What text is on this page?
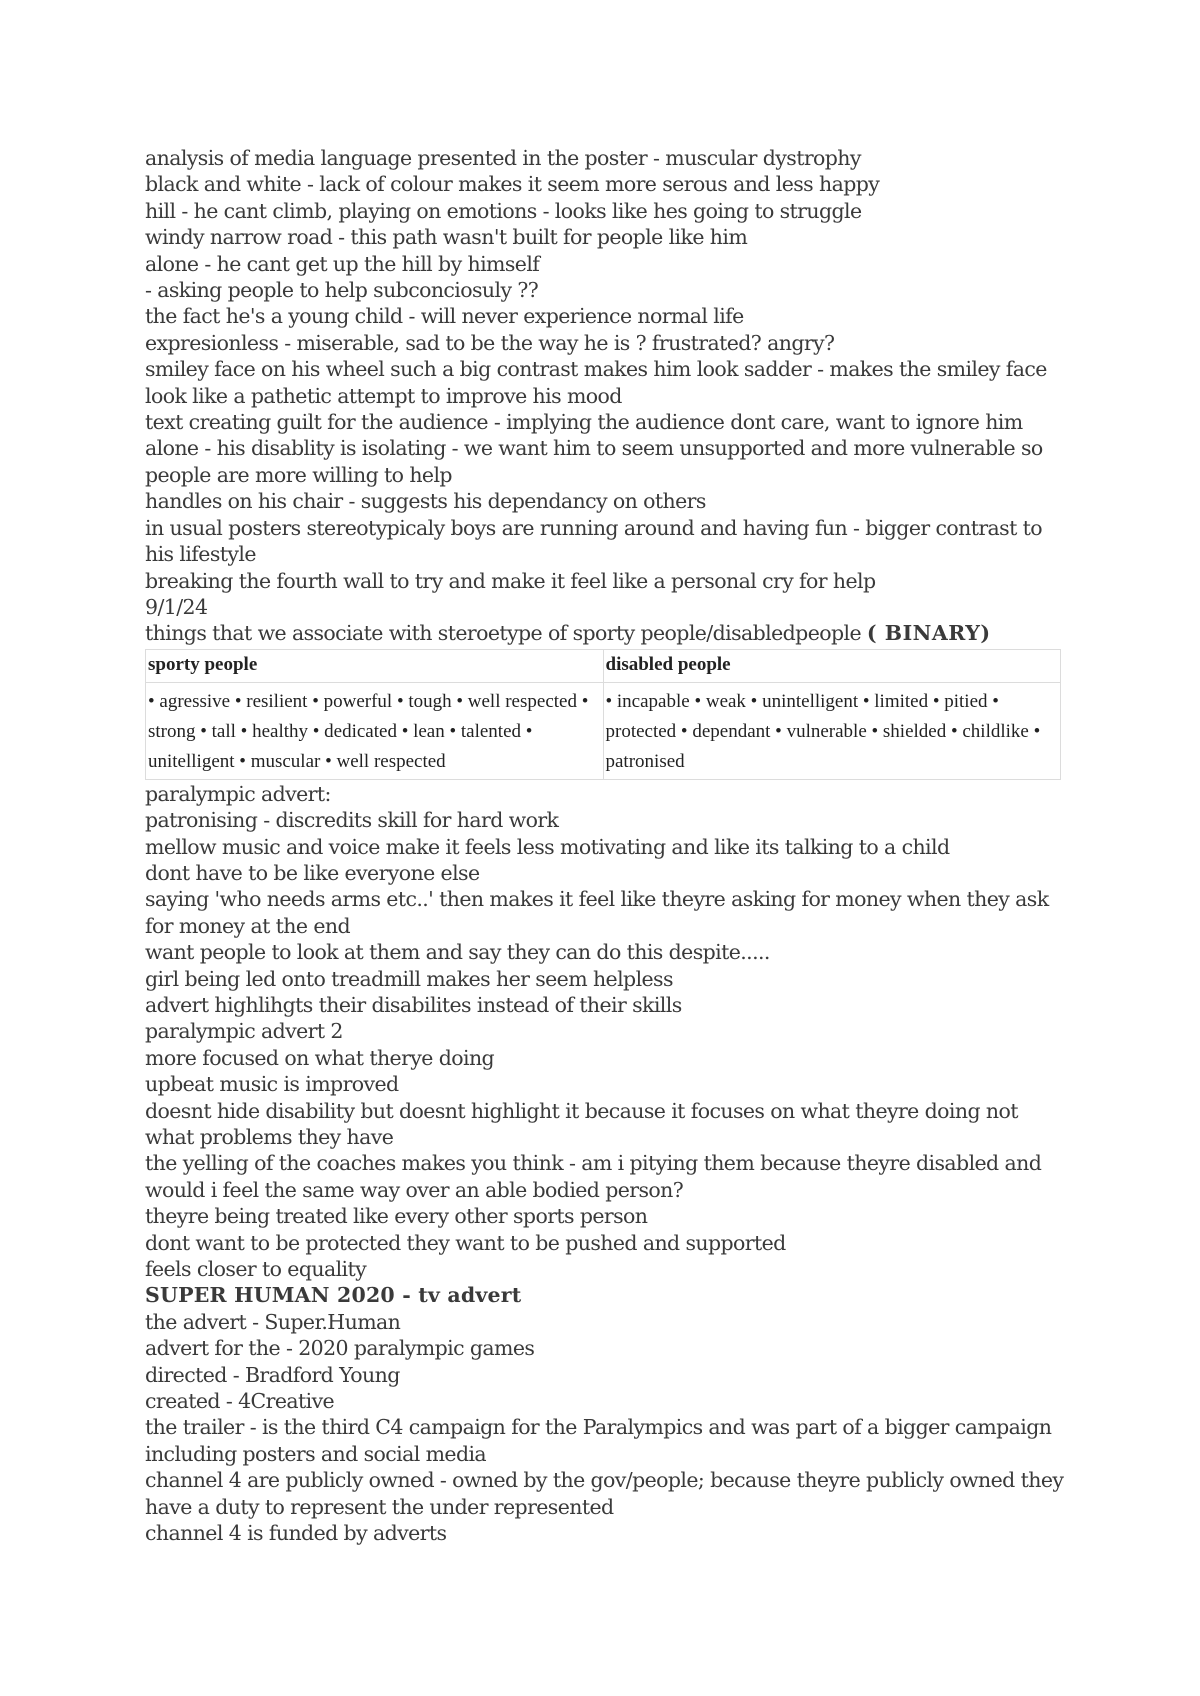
analysis of media language presented in the poster - muscular dystrophy
black and white - lack of colour makes it seem more serous and less happy
hill - he cant climb, playing on emotions - looks like hes going to struggle
windy narrow road - this path wasn't built for people like him
alone - he cant get up the hill by himself
- asking people to help subconciosuly ??
the fact he's a young child - will never experience normal life
expresionless - miserable, sad to be the way he is ? frustrated? angry?
smiley face on his wheel such a big contrast makes him look sadder - makes the smiley face look like a pathetic attempt to improve his mood
text creating guilt for the audience - implying the audience dont care, want to ignore him
alone - his disablity is isolating - we want him to seem unsupported and more vulnerable so people are more willing to help
handles on his chair - suggests his dependancy on others
in usual posters stereotypicaly boys are running around and having fun - bigger contrast to his lifestyle
breaking the fourth wall to try and make it feel like a personal cry for help
9/1/24
things that we associate with steroetype of sporty people/disabledpeople ( BINARY)
sporty people	disabled people
• agressive • resilient • powerful • tough • well respected • strong • tall • healthy • dedicated • lean • talented • unitelligent • muscular • well respected	• incapable • weak • unintelligent • limited • pitied • protected • dependant • vulnerable • shielded • childlike • patronised
paralympic advert:
patronising - discredits skill for hard work
mellow music and voice make it feels less motivating and like its talking to a child
dont have to be like everyone else
saying 'who needs arms etc..' then makes it feel like theyre asking for money when they ask for money at the end
want people to look at them and say they can do this despite.....
girl being led onto treadmill makes her seem helpless
advert highlihgts their disabilites instead of their skills
paralympic advert 2
more focused on what therye doing
upbeat music is improved
doesnt hide disability but doesnt highlight it because it focuses on what theyre doing not what problems they have
the yelling of the coaches makes you think - am i pitying them because theyre disabled and would i feel the same way over an able bodied person?
theyre being treated like every other sports person
dont want to be protected they want to be pushed and supported
feels closer to equality
SUPER HUMAN 2020 - tv advert
the advert - Super.Human
advert for the - 2020 paralympic games
directed - Bradford Young
created - 4Creative
the trailer - is the third C4 campaign for the Paralympics and was part of a bigger campaign including posters and social media
channel 4 are publicly owned - owned by the gov/people; because theyre publicly owned they have a duty to represent the under represented
channel 4 is funded by adverts
